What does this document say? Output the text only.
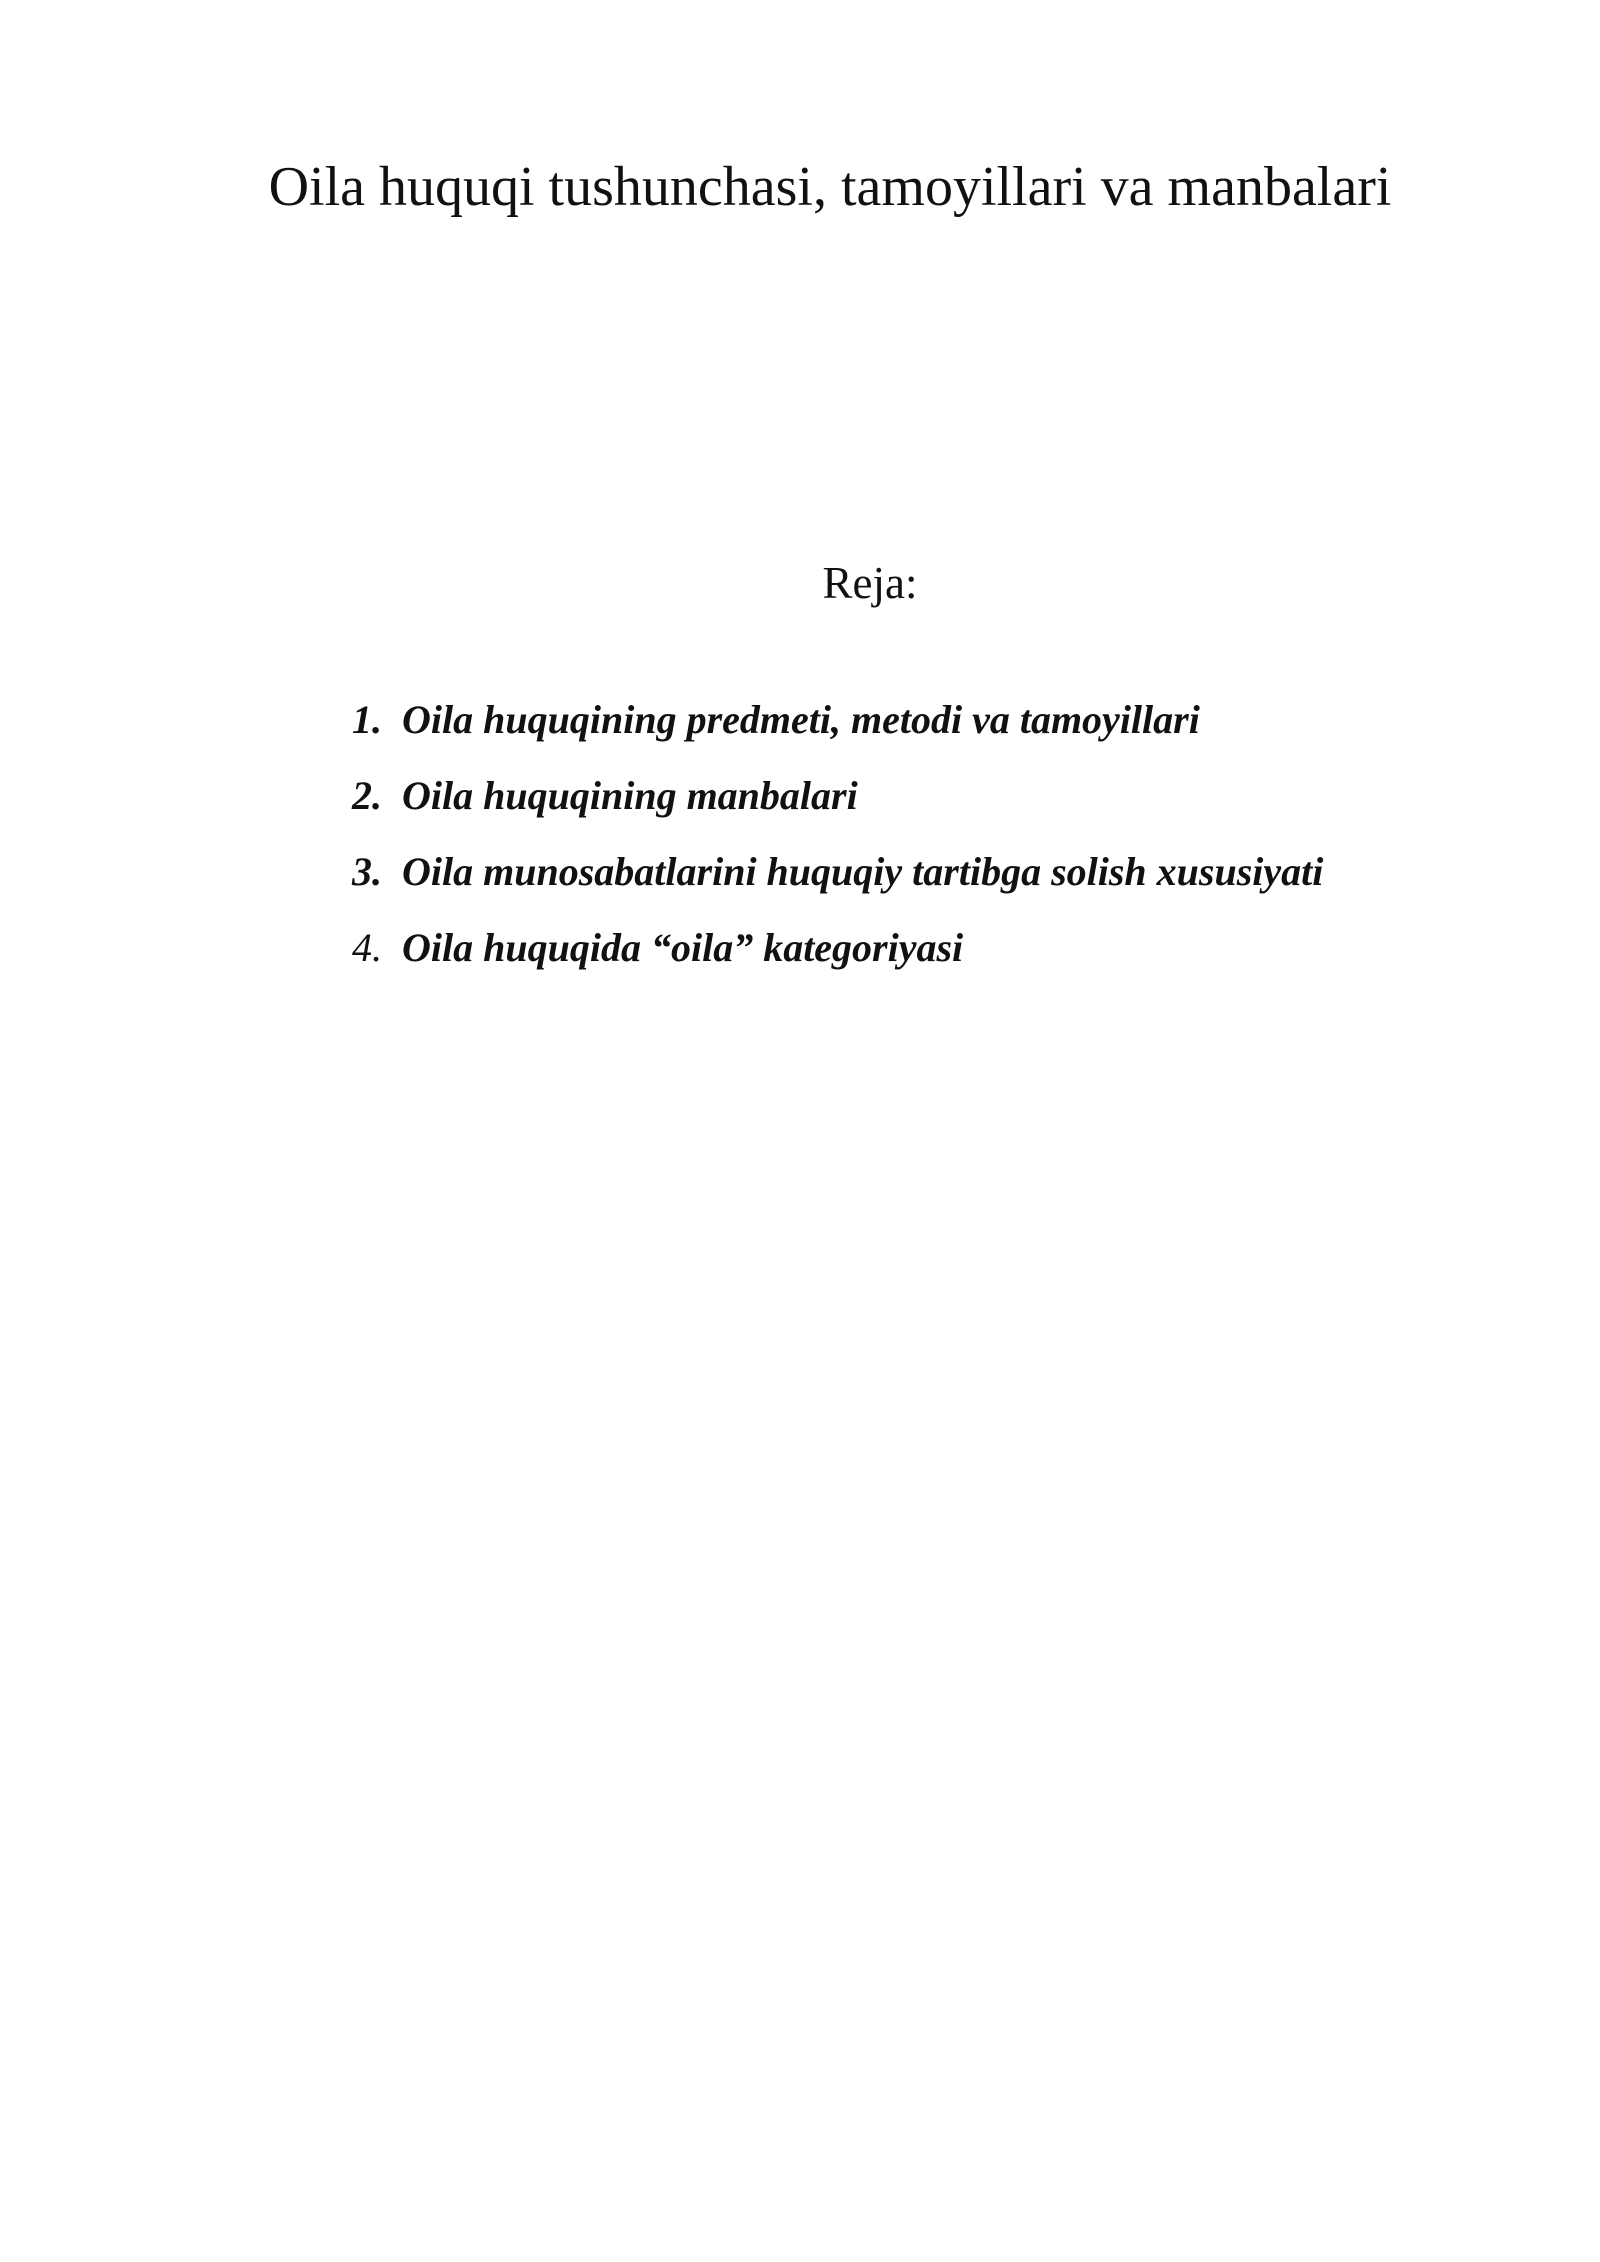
Oila huquqi tushunchasi, tamoyillari va manbalari
Reja:
1. Oila huquqining predmeti, metodi va tamoyillari
2. Oila huquqining manbalari
3. Oila munosabatlarini huquqiy tartibga solish xususiyati
4. Oila huquqida “oila” kategoriyasi
